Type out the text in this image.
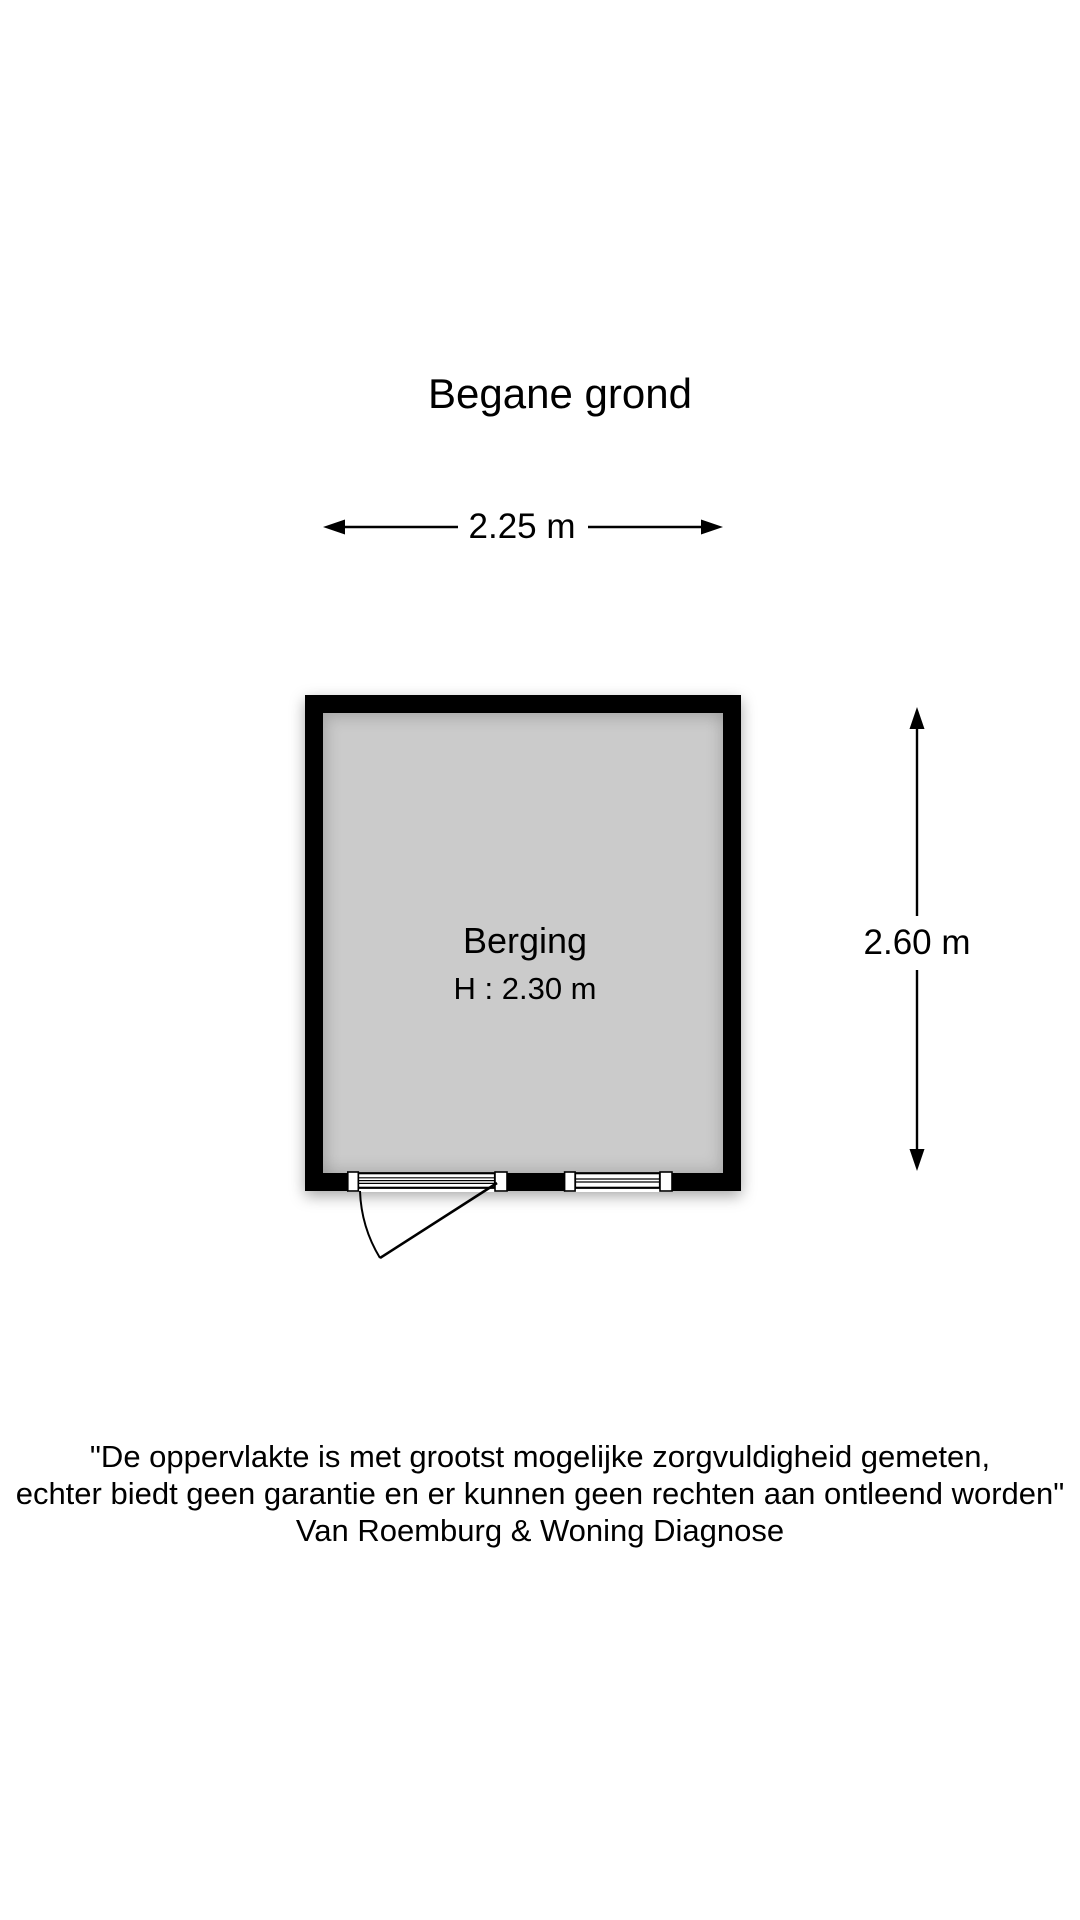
Begane grond
Berging
H : 2.30 m
2.25 m
2.60 m
"De oppervlakte is met grootst mogelijke zorgvuldigheid gemeten,
echter biedt geen garantie en er kunnen geen rechten aan ontleend worden"
Van Roemburg & Woning Diagnose
